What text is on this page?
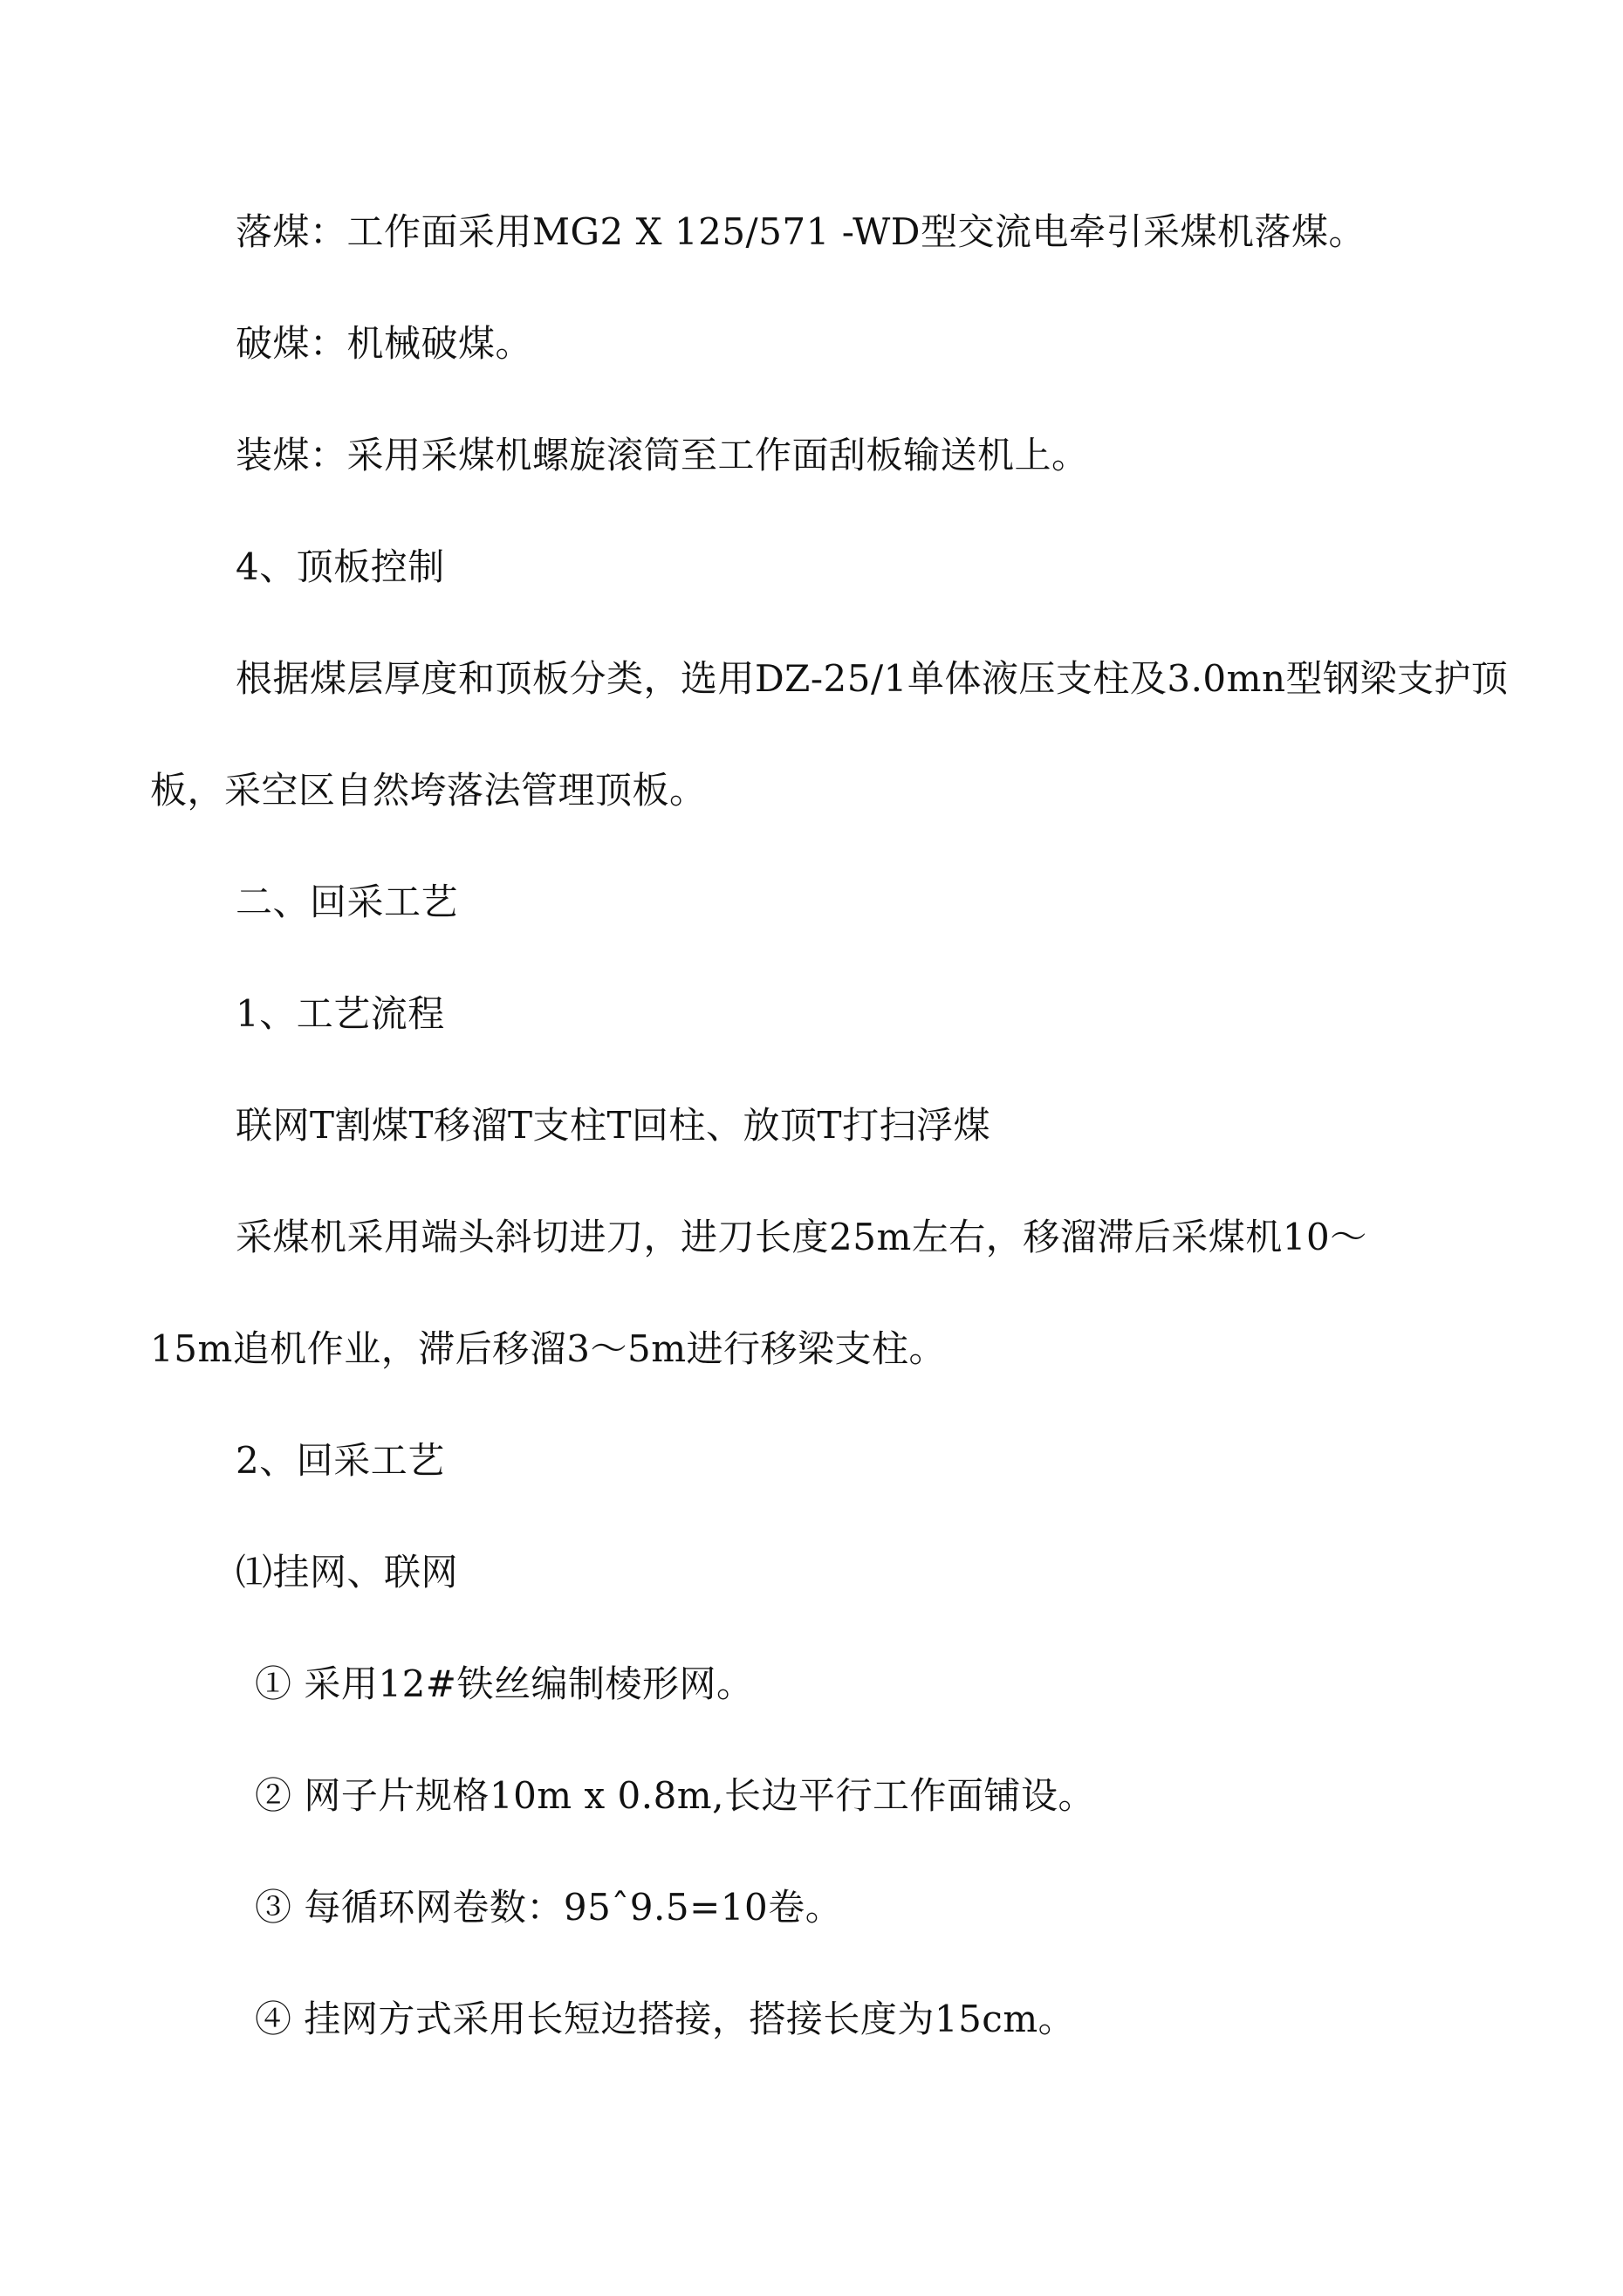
落煤：工作面采用MG2 X 125/571 -WD型交流电牵引采煤机落煤。
破煤：机械破煤。
装煤：采用采煤机螺旋滚筒至工作面刮板输送机上。
4、顶板控制
根据煤层厚度和顶板分类，选用DZ-25/1单体液压支柱及3.0mn型钢梁支护顶
板，采空区自然垮落法管理顶板。
二、回采工艺
1、工艺流程
联网T割煤T移溜T支柱T回柱、放顶T打扫浮煤
采煤机采用端头斜切进刀，进刀长度25m左右，移溜滞后采煤机10〜
15m追机作业，滞后移溜3〜5m进行移梁支柱。
2、回采工艺
⑴挂网、联网
① 采用12#铁丝编制棱形网。
② 网子片规格10m x 0.8m,长边平行工作面铺设。
③ 每循环网卷数：95ˆ9.5=10卷。
④ 挂网方式采用长短边搭接，搭接长度为15cm。
